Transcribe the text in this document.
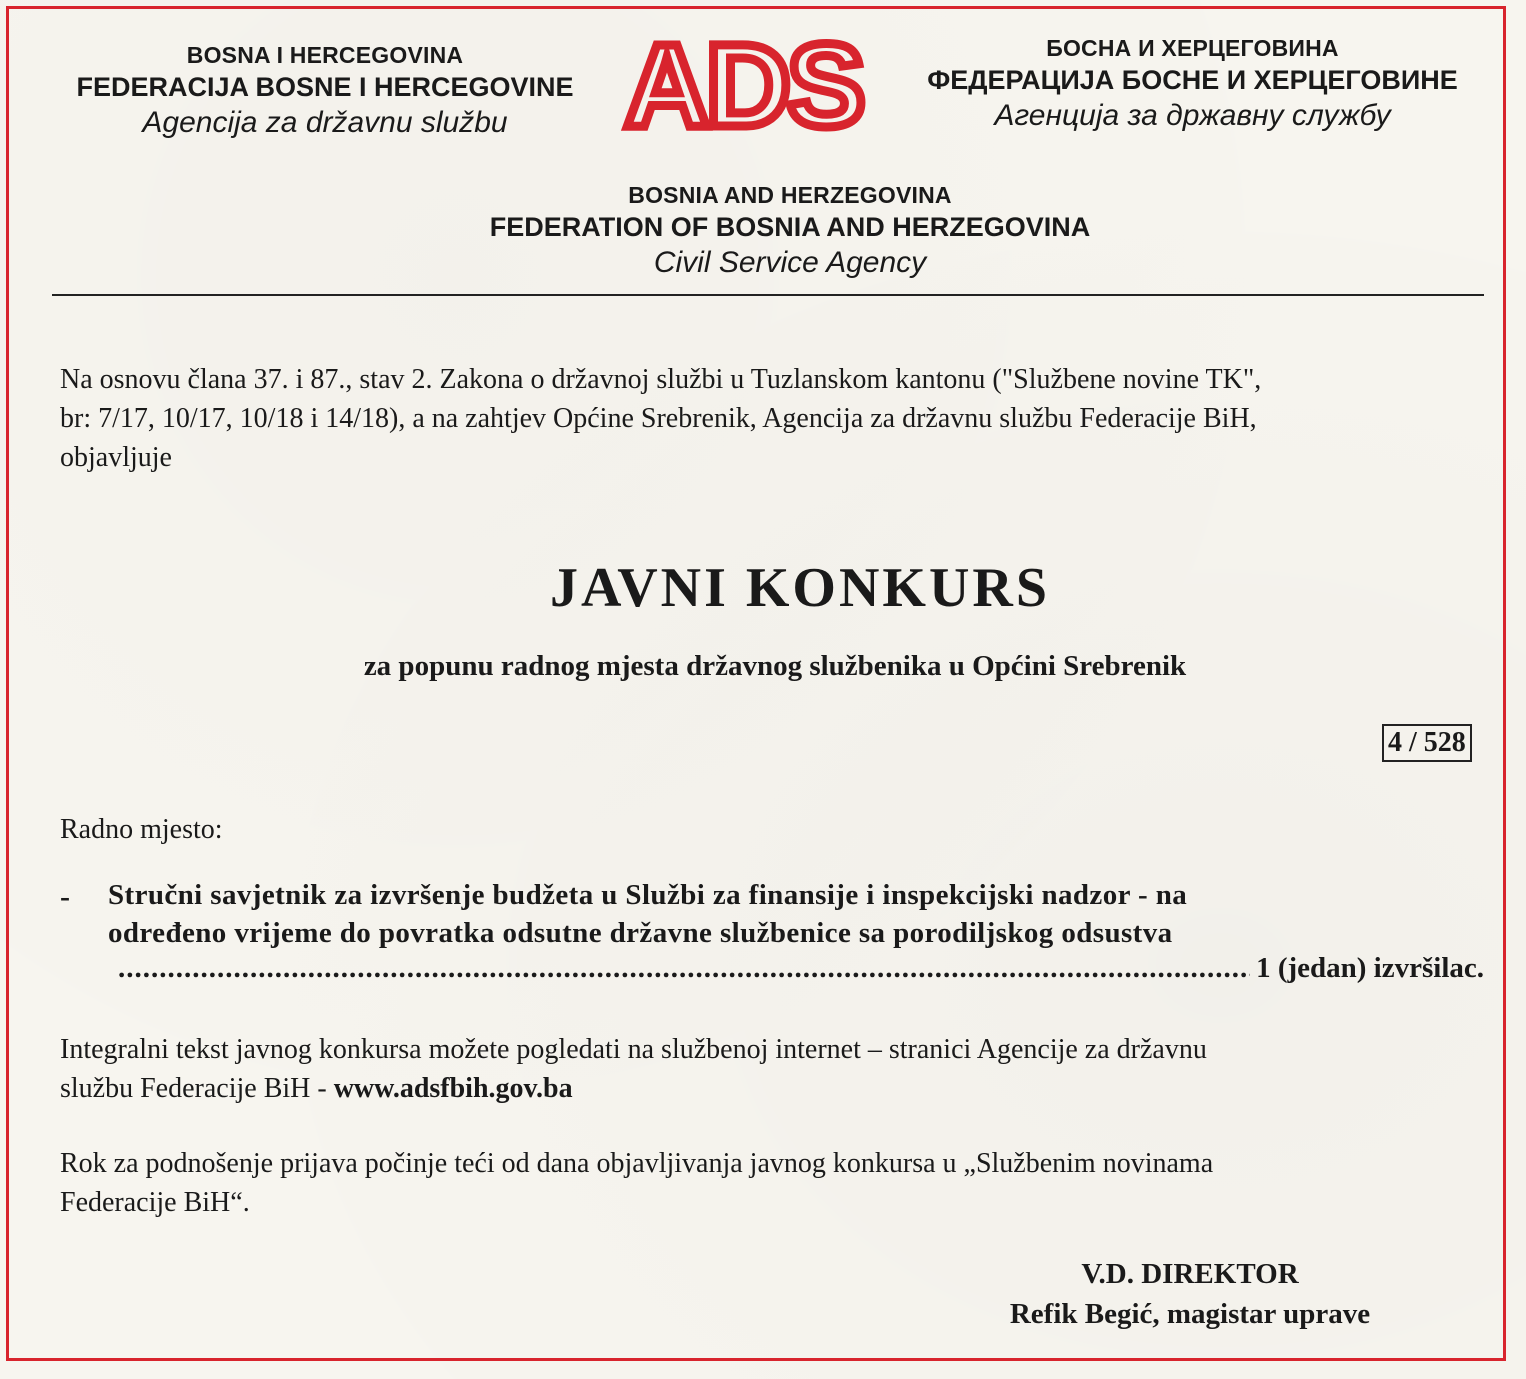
BOSNA I HERCEGOVINA
FEDERACIJA BOSNE I HERCEGOVINE
Agencija za državnu službu ADS	БОСНА И ХЕРЦЕГОВИНА
ФЕДЕРАЦИЈА БОСНЕ И ХЕРЦЕГОВИНЕ
Агенција за државну службу
BOSNIA AND HERZEGOVINA
FEDERATION OF BOSNIA AND HERZEGOVINA
Civil Service Agency
Na osnovu člana 37. i 87., stav 2. Zakona o državnoj službi u Tuzlanskom kantonu ("Službene novine TK",
br: 7/17, 10/17, 10/18 i 14/18), a na zahtjev Općine Srebrenik, Agencija za državnu službu Federacije BiH,
objavljuje
JAVNI KONKURS
za popunu radnog mjesta državnog službenika u Općini Srebrenik
4 / 528
Radno mjesto:
- Stručni savjetnik za izvršenje budžeta u Službi za finansije i inspekcijski nadzor - na
određeno vrijeme do povratka odsutne državne službenice sa porodiljskog odsustva
.....
1 (jedan) izvršilac.
Integralni tekst javnog konkursa možete pogledati na službenoj internet – stranici Agencije za državnu
službu Federacije BiH - www.adsfbih.gov.ba
Rok za podnošenje prijava počinje teći od dana objavljivanja javnog konkursa u „Službenim novinama
Federacije BiH“.
V.D. DIREKTOR
Refik Begić, magistar uprave
